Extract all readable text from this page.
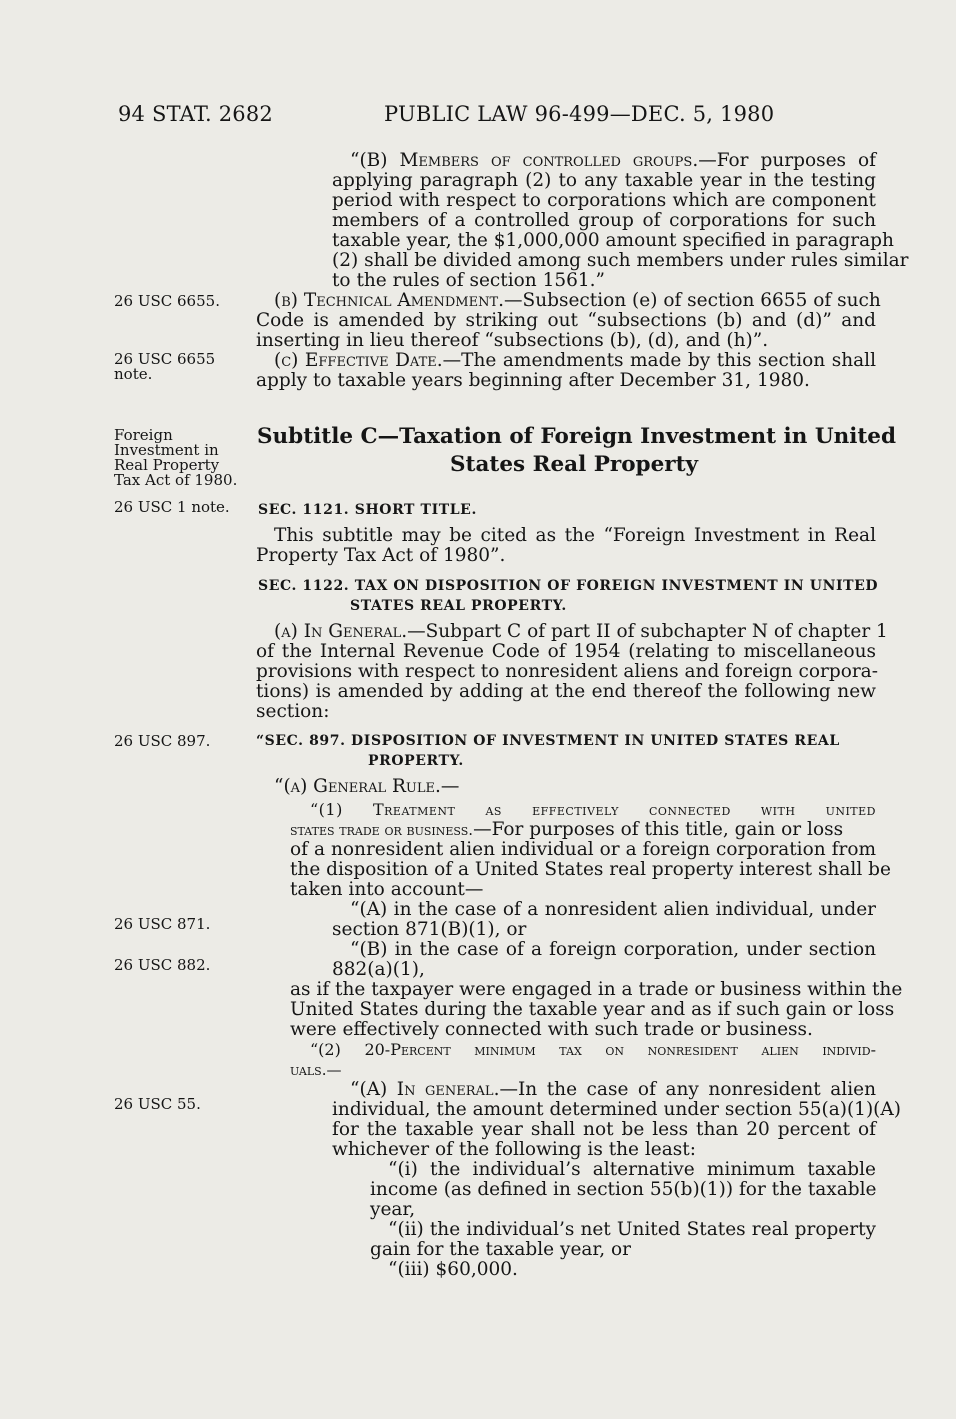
94 STAT. 2682	PUBLIC LAW 96-499—DEC. 5, 1980
“(B) Members of controlled groups.—For purposes of
applying paragraph (2) to any taxable year in the testing
period with respect to corporations which are component
members of a controlled group of corporations for such
taxable year, the $1,000,000 amount specified in paragraph
(2) shall be divided among such members under rules similar
to the rules of section 1561.”
26 USC 6655.	(b) Technical Amendment.—Subsection (e) of section 6655 of such
Code is amended by striking out “subsections (b) and (d)” and
inserting in lieu thereof “subsections (b), (d), and (h)”.
26 USC 6655
note.
(c) Effective Date.—The amendments made by this section shall
apply to taxable years beginning after December 31, 1980.
Foreign
Investment in
Real Property
Tax Act of 1980.
Subtitle C—Taxation of Foreign Investment in United
States Real Property
26 USC 1 note. SEC. 1121. SHORT TITLE.
This subtitle may be cited as the “Foreign Investment in Real
Property Tax Act of 1980”.
SEC. 1122. TAX ON DISPOSITION OF FOREIGN INVESTMENT IN UNITED
STATES REAL PROPERTY.
(a) In General.—Subpart C of part II of subchapter N of chapter 1
of the Internal Revenue Code of 1954 (relating to miscellaneous
provisions with respect to nonresident aliens and foreign corpora-
tions) is amended by adding at the end thereof the following new
section:
26 USC 897.	“SEC. 897. DISPOSITION OF INVESTMENT IN UNITED STATES REAL
PROPERTY.
“(a) General Rule.—
“(1) Treatment as effectively connected with united
states trade or business.—For purposes of this title, gain or loss
of a nonresident alien individual or a foreign corporation from
the disposition of a United States real property interest shall be
taken into account—
26 USC 871.
“(A) in the case of a nonresident alien individual, under
section 871(B)(1), or
26 USC 882.
“(B) in the case of a foreign corporation, under section
882(a)(1),
as if the taxpayer were engaged in a trade or business within the
United States during the taxable year and as if such gain or loss
were effectively connected with such trade or business.
“(2) 20-Percent minimum tax on nonresident alien individ-
uals.—
26 USC 55.
“(A) In general.—In the case of any nonresident alien
individual, the amount determined under section 55(a)(1)(A)
for the taxable year shall not be less than 20 percent of
whichever of the following is the least:
“(i) the individual’s alternative minimum taxable
income (as defined in section 55(b)(1)) for the taxable
year,
“(ii) the individual’s net United States real property
gain for the taxable year, or
“(iii) $60,000.
